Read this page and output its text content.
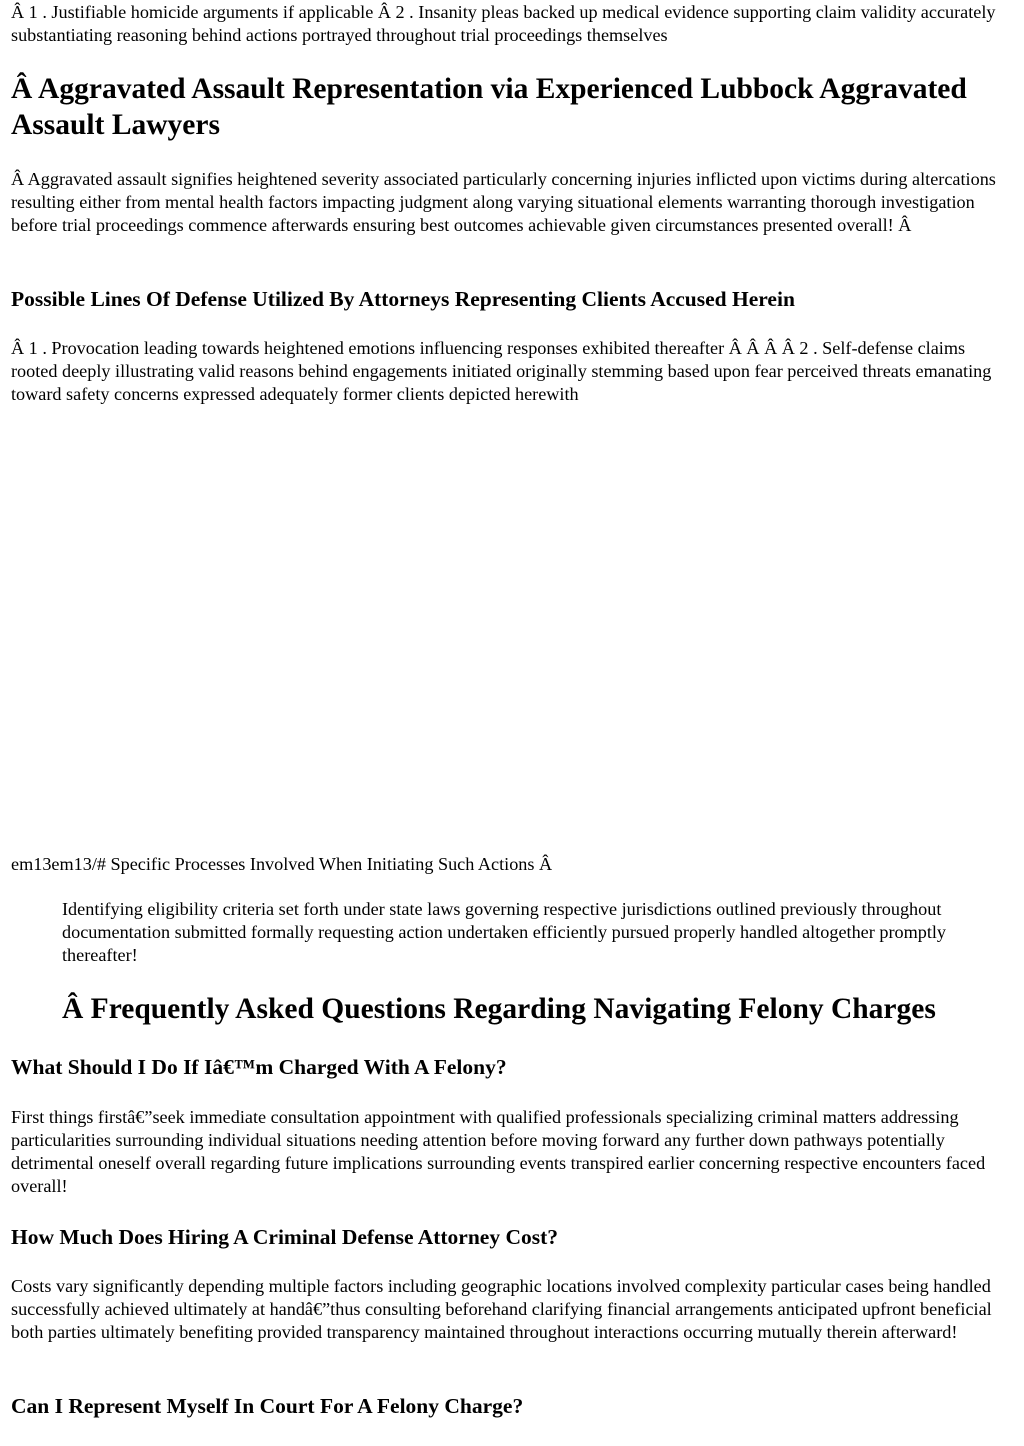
Â 1 . Justifiable homicide arguments if applicable Â 2 . Insanity pleas backed up medical evidence supporting claim validity accurately substantiating reasoning behind actions portrayed throughout trial proceedings themselves

Â Aggravated Assault Representation via Experienced Lubbock Aggravated Assault Lawyers

Â Aggravated assault signifies heightened severity associated particularly concerning injuries inflicted upon victims during altercations resulting either from mental health factors impacting judgment along varying situational elements warranting thorough investigation before trial proceedings commence afterwards ensuring best outcomes achievable given circumstances presented overall! Â

Possible Lines Of Defense Utilized By Attorneys Representing Clients Accused Herein

Â 1 . Provocation leading towards heightened emotions influencing responses exhibited thereafter Â Â Â Â 2 . Self-defense claims rooted deeply illustrating valid reasons behind engagements initiated originally stemming based upon fear perceived threats emanating toward safety concerns expressed adequately former clients depicted herewith

em13em13/# Specific Processes Involved When Initiating Such Actions Â

Identifying eligibility criteria set forth under state laws governing respective jurisdictions outlined previously throughout documentation submitted formally requesting action undertaken efficiently pursued properly handled altogether promptly thereafter!

Â Frequently Asked Questions Regarding Navigating Felony Charges
What Should I Do If Iâ€™m Charged With A Felony?

First things firstâ€”seek immediate consultation appointment with qualified professionals specializing criminal matters addressing particularities surrounding individual situations needing attention before moving forward any further down pathways potentially detrimental oneself overall regarding future implications surrounding events transpired earlier concerning respective encounters faced overall!

How Much Does Hiring A Criminal Defense Attorney Cost?

Costs vary significantly depending multiple factors including geographic locations involved complexity particular cases being handled successfully achieved ultimately at handâ€”thus consulting beforehand clarifying financial arrangements anticipated upfront beneficial both parties ultimately benefiting provided transparency maintained throughout interactions occurring mutually therein afterward!

Can I Represent Myself In Court For A Felony Charge?
